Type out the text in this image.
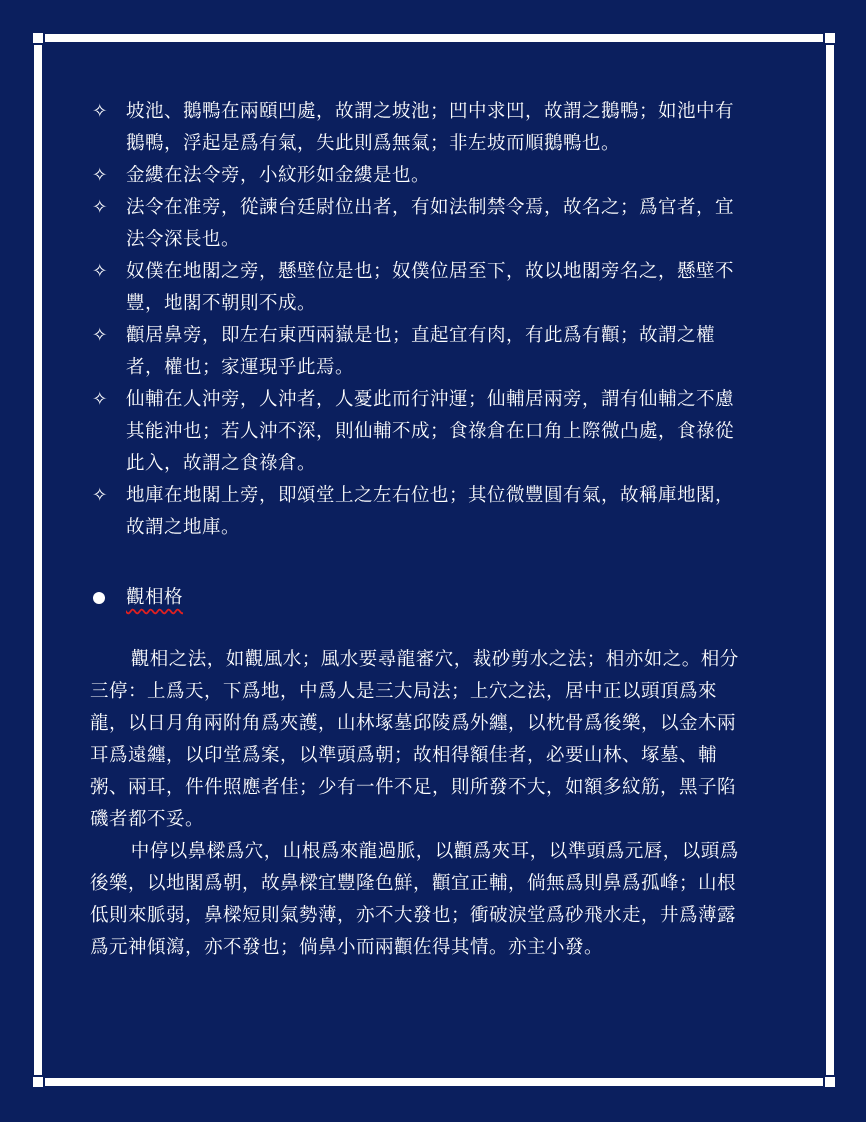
✧ 坡池、鵝鴨在兩頤凹處，故謂之坡池；凹中求凹，故謂之鵝鴨；如池中有鵝鴨，浮起是爲有氣，失此則爲無氣；非左坡而順鵝鴨也。
✧ 金縷在法令旁，小紋形如金縷是也。
✧ 法令在准旁，從諫台廷尉位出者，有如法制禁令焉，故名之；爲官者，宜法令深長也。
✧ 奴僕在地閣之旁，懸壁位是也；奴僕位居至下，故以地閣旁名之，懸壁不豐，地閣不朝則不成。
✧ 顴居鼻旁，即左右東西兩嶽是也；直起宜有肉，有此爲有顴；故謂之權者，權也；家運現乎此焉。
✧ 仙輔在人沖旁，人沖者，人憂此而行沖運；仙輔居兩旁，謂有仙輔之不慮其能沖也；若人沖不深，則仙輔不成；食祿倉在口角上際微凸處，食祿從此入，故謂之食祿倉。
✧ 地庫在地閣上旁，即頌堂上之左右位也；其位微豐圓有氣，故稱庫地閣，故謂之地庫。
觀相格

觀相之法，如觀風水；風水要尋龍審穴，裁砂剪水之法；相亦如之。相分三停：上爲天，下爲地，中爲人是三大局法；上穴之法，居中正以頭頂爲來龍，以日月角兩附角爲夾護，山林塚墓邱陵爲外纏，以枕骨爲後樂，以金木兩耳爲遠纏，以印堂爲案，以準頭爲朝；故相得額佳者，必要山林、塚墓、輔粥、兩耳，件件照應者佳；少有一件不足，則所發不大，如額多紋筋，黑子陷磯者都不妥。

中停以鼻樑爲穴，山根爲來龍過脈，以顴爲夾耳，以準頭爲元唇，以頭爲後樂，以地閣爲朝，故鼻樑宜豐隆色鮮，顴宜正輔，倘無爲則鼻爲孤峰；山根低則來脈弱，鼻樑短則氣勢薄，亦不大發也；衝破淚堂爲砂飛水走，井爲薄露爲元神傾瀉，亦不發也；倘鼻小而兩顴佐得其情。亦主小發。
